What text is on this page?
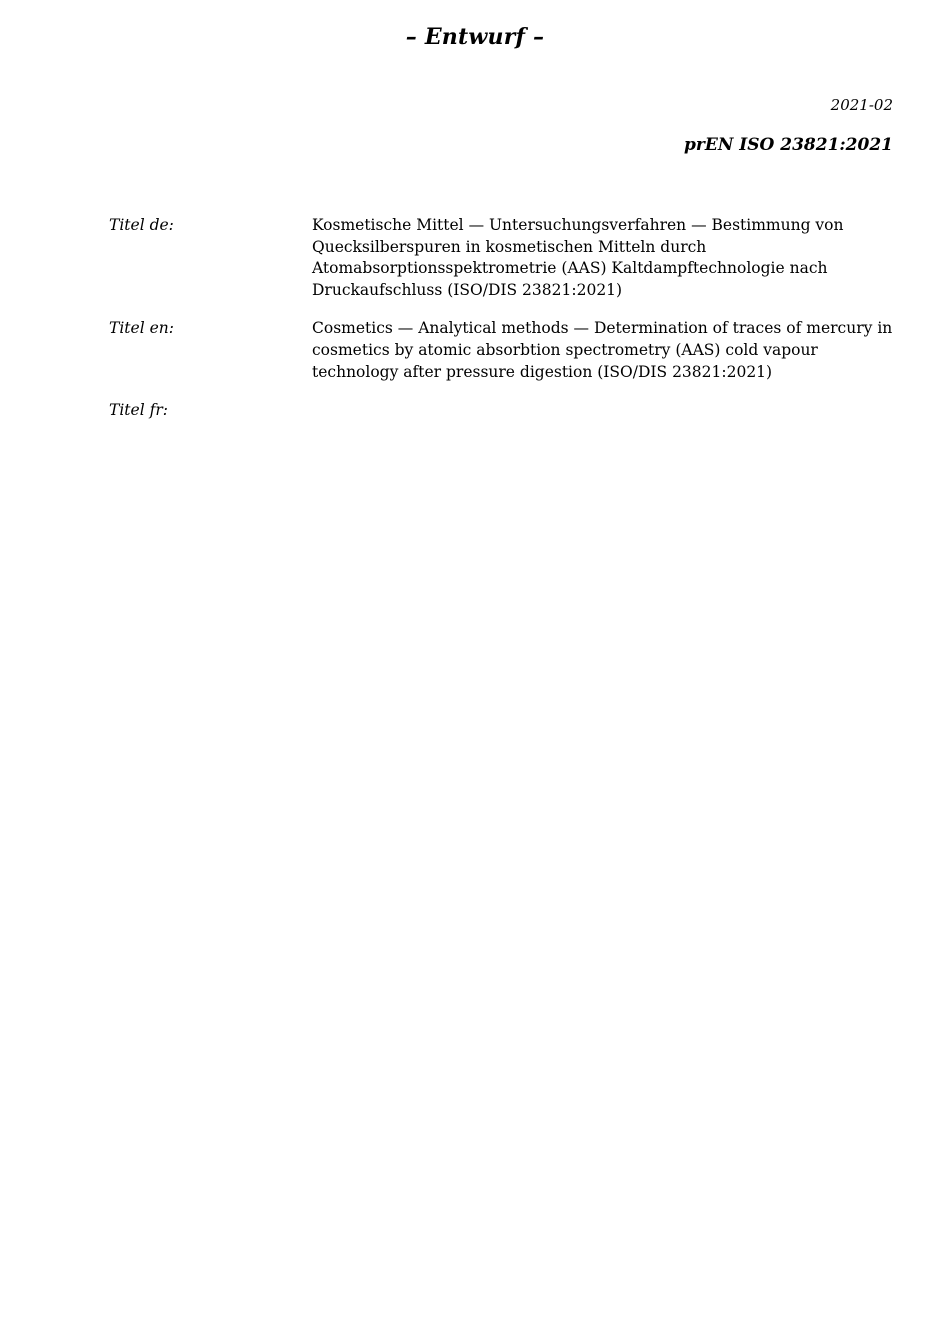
– Entwurf –
2021-02
prEN ISO 23821:2021
Titel de:	Kosmetische Mittel — Untersuchungsverfahren — Bestimmung von Quecksilberspuren in kosmetischen Mitteln durch Atomabsorptionsspektrometrie (AAS) Kaltdampftechnologie nach Druckaufschluss (ISO/DIS 23821:2021)
Titel en:	Cosmetics — Analytical methods — Determination of traces of mercury in cosmetics by atomic absorbtion spectrometry (AAS) cold vapour technology after pressure digestion (ISO/DIS 23821:2021)
Titel fr:
